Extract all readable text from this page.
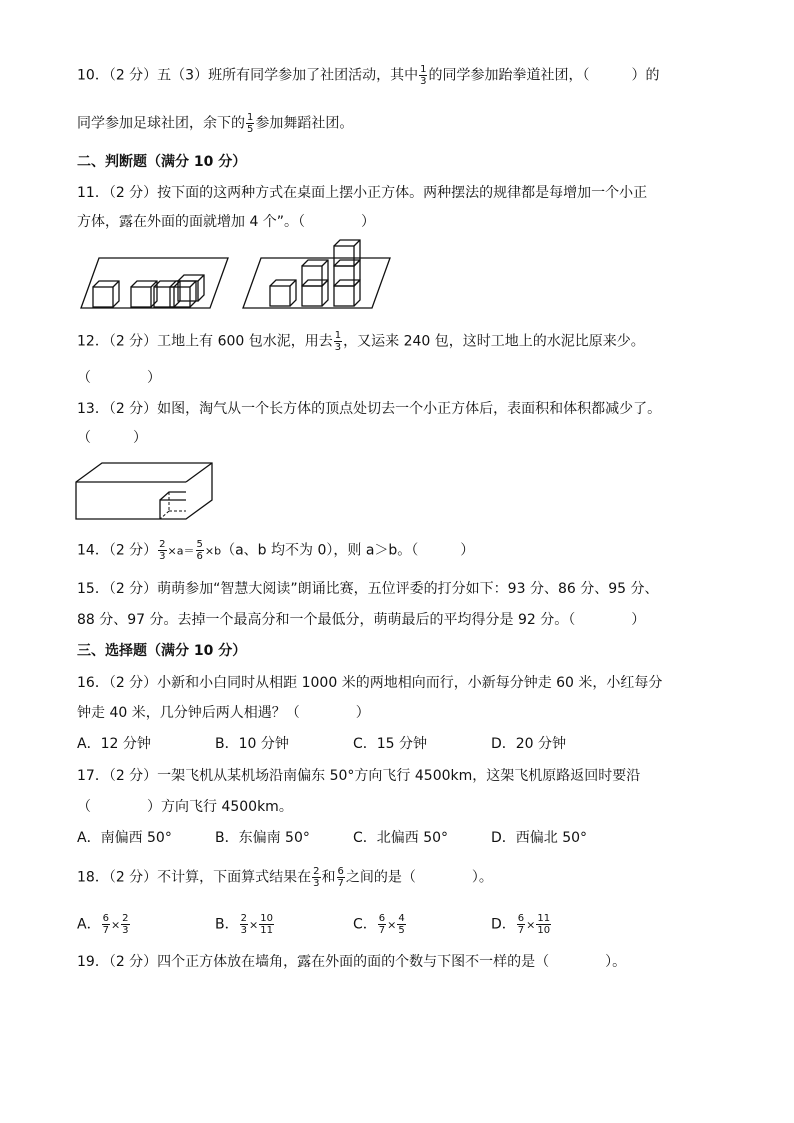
10．（2 分）五（3）班所有同学参加了社团活动，其中 $\frac{1}{3}$ 的同学参加跆拳道社团，（　　　）的
同学参加足球社团，余下的 $\frac{1}{5}$ 参加舞蹈社团。
二、判断题（满分 10 分）
11．（2 分）按下面的这两种方式在桌面上摆小正方体。两种摆法的规律都是每增加一个小正
方体，露在外面的面就增加 4 个”。（　　　　）
12．（2 分）工地上有 600 包水泥，用去 $\frac{1}{3}$ ，又运来 240 包，这时工地上的水泥比原来少。
（　　　　）
13．（2 分）如图，淘气从一个长方体的顶点处切去一个小正方体后，表面积和体积都减少了。
（　　　）
14．（2 分） $\frac{2}{3} \times a= \frac{5}{6} \times b(a$、b 均不为 0），则 a＞b。（　　　）
15．（2 分）萌萌参加“智慧大阅读”朗诵比赛，五位评委的打分如下：93 分、86 分、95 分、
88 分、97 分。去掉一个最高分和一个最低分，萌萌最后的平均得分是 92 分。（　　　　）
三、选择题（满分 10 分）
16．（2 分）小新和小白同时从相距 1000 米的两地相向而行，小新每分钟走 60 米，小红每分
钟走 40 米，几分钟后两人相遇？（　　　　）
A．12 分钟	B．10 分钟	C．15 分钟	D．20 分钟
17．（2 分）一架飞机从某机场沿南偏东 50°方向飞行 4500km，这架飞机原路返回时要沿
（　　　　）方向飞行 4500km。
A．南偏西 50°	B．东偏南 50°	C．北偏西 50°	D．西偏北 50°
18．（2 分）不计算，下面算式结果在 $\frac{2}{3}$ 和 $\frac{6}{7}$ 之间的是（　　　　）。
A． $\frac{6}{7} \times \frac{2}{3}$	B． $\frac{2}{3} \times \frac{10}{11}$	C． $\frac{6}{7} \times \frac{4}{5}$	D． $\frac{6}{7} \times \frac{11}{10}$
19．（2 分）四个正方体放在墙角，露在外面的面的个数与下图不一样的是（　　　　）。
